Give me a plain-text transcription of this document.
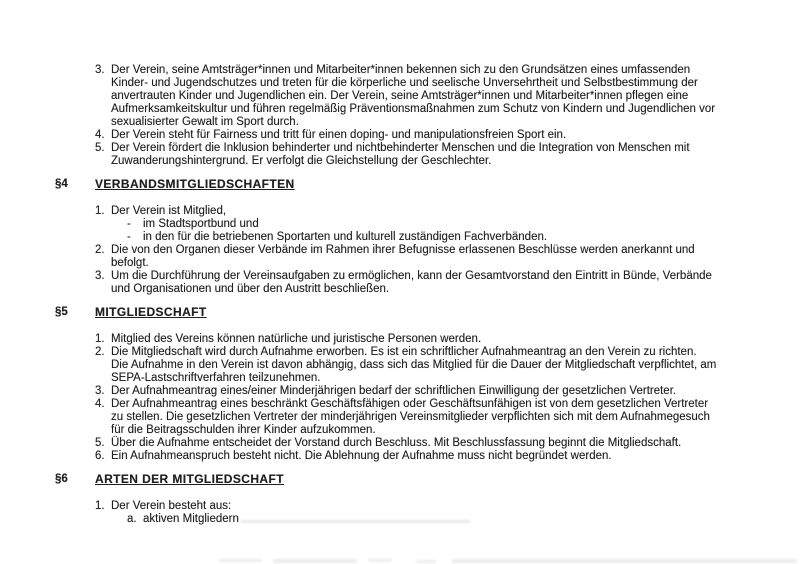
3. Der Verein, seine Amtsträger*innen und Mitarbeiter*innen bekennen sich zu den Grundsätzen eines umfassenden
Kinder- und Jugendschutzes und treten für die körperliche und seelische Unversehrtheit und Selbstbestimmung der
anvertrauten Kinder und Jugendlichen ein. Der Verein, seine Amtsträger*innen und Mitarbeiter*innen pflegen eine
Aufmerksamkeitskultur und führen regelmäßig Präventionsmaßnahmen zum Schutz von Kindern und Jugendlichen vor
sexualisierter Gewalt im Sport durch.
4. Der Verein steht für Fairness und tritt für einen doping- und manipulationsfreien Sport ein.
5. Der Verein fördert die Inklusion behinderter und nichtbehinderter Menschen und die Integration von Menschen mit
Zuwanderungshintergrund. Er verfolgt die Gleichstellung der Geschlechter.
§4	VERBANDSMITGLIEDSCHAFTEN
1. Der Verein ist Mitglied,
-	im Stadtsportbund und
-	in den für die betriebenen Sportarten und kulturell zuständigen Fachverbänden.
2. Die von den Organen dieser Verbände im Rahmen ihrer Befugnisse erlassenen Beschlüsse werden anerkannt und
befolgt.
3. Um die Durchführung der Vereinsaufgaben zu ermöglichen, kann der Gesamtvorstand den Eintritt in Bünde, Verbände
und Organisationen und über den Austritt beschließen.
§5	MITGLIEDSCHAFT
1. Mitglied des Vereins können natürliche und juristische Personen werden.
2. Die Mitgliedschaft wird durch Aufnahme erworben. Es ist ein schriftlicher Aufnahmeantrag an den Verein zu richten.
Die Aufnahme in den Verein ist davon abhängig, dass sich das Mitglied für die Dauer der Mitgliedschaft verpflichtet, am
SEPA-Lastschriftverfahren teilzunehmen.
3. Der Aufnahmeantrag eines/einer Minderjährigen bedarf der schriftlichen Einwilligung der gesetzlichen Vertreter.
4. Der Aufnahmeantrag eines beschränkt Geschäftsfähigen oder Geschäftsunfähigen ist von dem gesetzlichen Vertreter
zu stellen. Die gesetzlichen Vertreter der minderjährigen Vereinsmitglieder verpflichten sich mit dem Aufnahmegesuch
für die Beitragsschulden ihrer Kinder aufzukommen.
5. Über die Aufnahme entscheidet der Vorstand durch Beschluss. Mit Beschlussfassung beginnt die Mitgliedschaft.
6. Ein Aufnahmeanspruch besteht nicht. Die Ablehnung der Aufnahme muss nicht begründet werden.
§6	ARTEN DER MITGLIEDSCHAFT
1. Der Verein besteht aus:
a. aktiven Mitgliedern
